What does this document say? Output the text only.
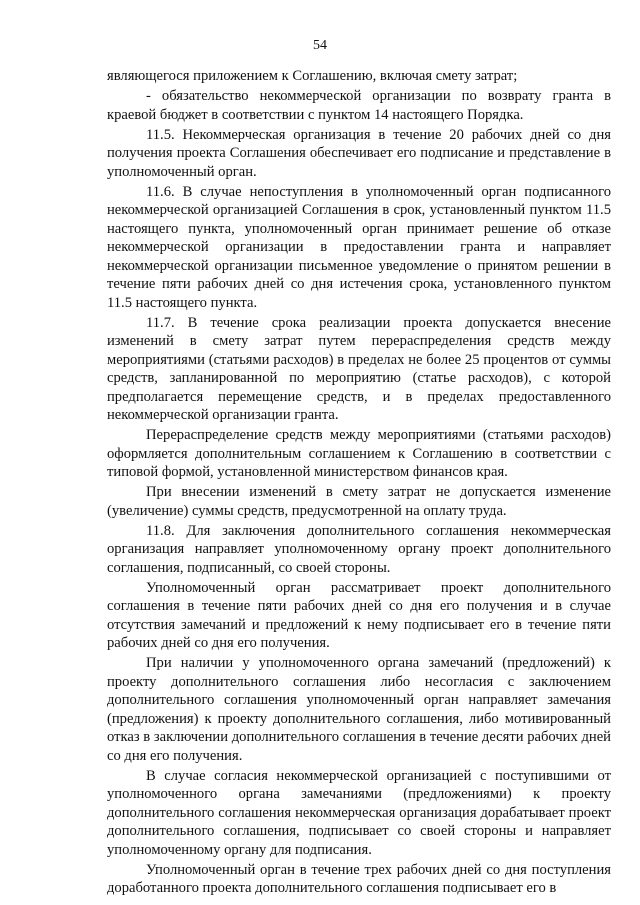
54

являющегося приложением к Соглашению, включая смету затрат;

- обязательство некоммерческой организации по возврату гранта в краевой бюджет в соответствии с пунктом 14 настоящего Порядка.

11.5. Некоммерческая организация в течение 20 рабочих дней со дня получения проекта Соглашения обеспечивает его подписание и представление в уполномоченный орган.

11.6. В случае непоступления в уполномоченный орган подписанного некоммерческой организацией Соглашения в срок, установленный пунктом 11.5 настоящего пункта, уполномоченный орган принимает решение об отказе некоммерческой организации в предоставлении гранта и направляет некоммерческой организации письменное уведомление о принятом решении в течение пяти рабочих дней со дня истечения срока, установленного пунктом 11.5 настоящего пункта.

11.7. В течение срока реализации проекта допускается внесение изменений в смету затрат путем перераспределения средств между мероприятиями (статьями расходов) в пределах не более 25 процентов от суммы средств, запланированной по мероприятию (статье расходов), с которой предполагается перемещение средств, и в пределах предоставленного некоммерческой организации гранта.

Перераспределение средств между мероприятиями (статьями расходов) оформляется дополнительным соглашением к Соглашению в соответствии с типовой формой, установленной министерством финансов края.

При внесении изменений в смету затрат не допускается изменение (увеличение) суммы средств, предусмотренной на оплату труда.

11.8. Для заключения дополнительного соглашения некоммерческая организация направляет уполномоченному органу проект дополнительного соглашения, подписанный, со своей стороны.

Уполномоченный орган рассматривает проект дополнительного соглашения в течение пяти рабочих дней со дня его получения и в случае отсутствия замечаний и предложений к нему подписывает его в течение пяти рабочих дней со дня его получения.

При наличии у уполномоченного органа замечаний (предложений) к проекту дополнительного соглашения либо несогласия с заключением дополнительного соглашения уполномоченный орган направляет замечания (предложения) к проекту дополнительного соглашения, либо мотивированный отказ в заключении дополнительного соглашения в течение десяти рабочих дней со дня его получения.

В случае согласия некоммерческой организацией с поступившими от уполномоченного органа замечаниями (предложениями) к проекту дополнительного соглашения некоммерческая организация дорабатывает проект дополнительного соглашения, подписывает со своей стороны и направляет уполномоченному органу для подписания.

Уполномоченный орган в течение трех рабочих дней со дня поступления доработанного проекта дополнительного соглашения подписывает его в
